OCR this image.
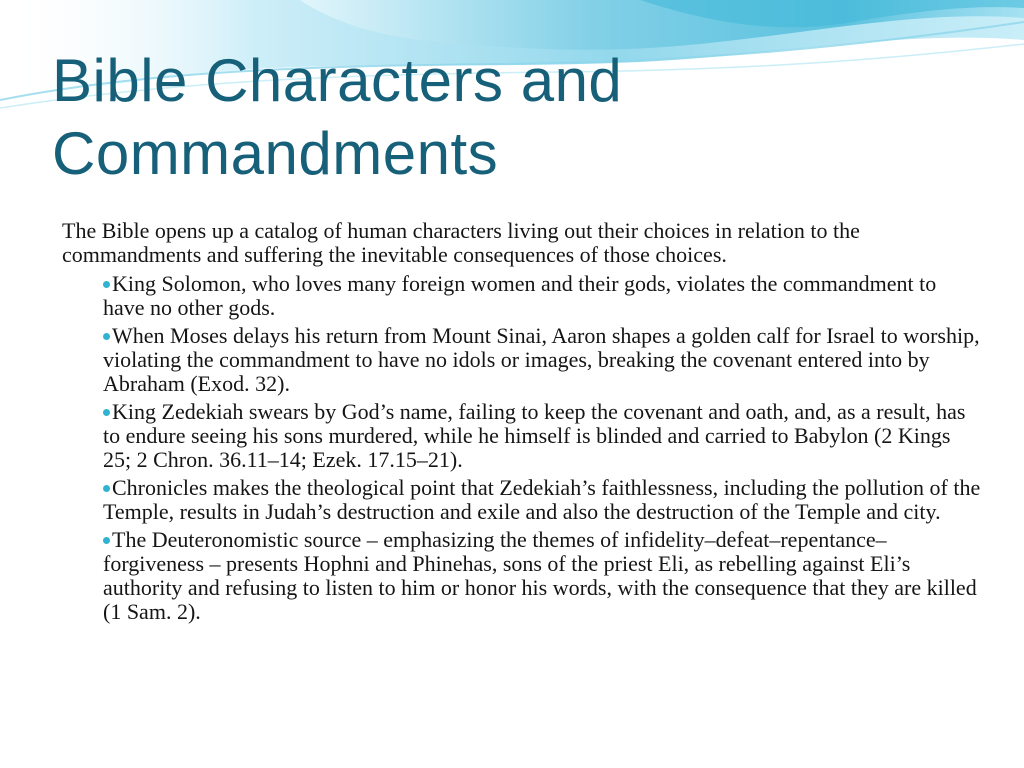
Bible Characters and Commandments

The Bible opens up a catalog of human characters living out their choices in relation to the commandments and suffering the inevitable consequences of those choices.

King Solomon, who loves many foreign women and their gods, violates the commandment to have no other gods.
When Moses delays his return from Mount Sinai, Aaron shapes a golden calf for Israel to worship, violating the commandment to have no idols or images, breaking the covenant entered into by Abraham (Exod. 32).
King Zedekiah swears by God’s name, failing to keep the covenant and oath, and, as a result, has to endure seeing his sons murdered, while he himself is blinded and carried to Babylon (2 Kings 25; 2 Chron. 36.11–14; Ezek. 17.15–21).
Chronicles makes the theological point that Zedekiah’s faithlessness, including the pollution of the Temple, results in Judah’s destruction and exile and also the destruction of the Temple and city.
The Deuteronomistic source – emphasizing the themes of infidelity–defeat–repentance–forgiveness – presents Hophni and Phinehas, sons of the priest Eli, as rebelling against Eli’s authority and refusing to listen to him or honor his words, with the consequence that they are killed (1 Sam. 2).
